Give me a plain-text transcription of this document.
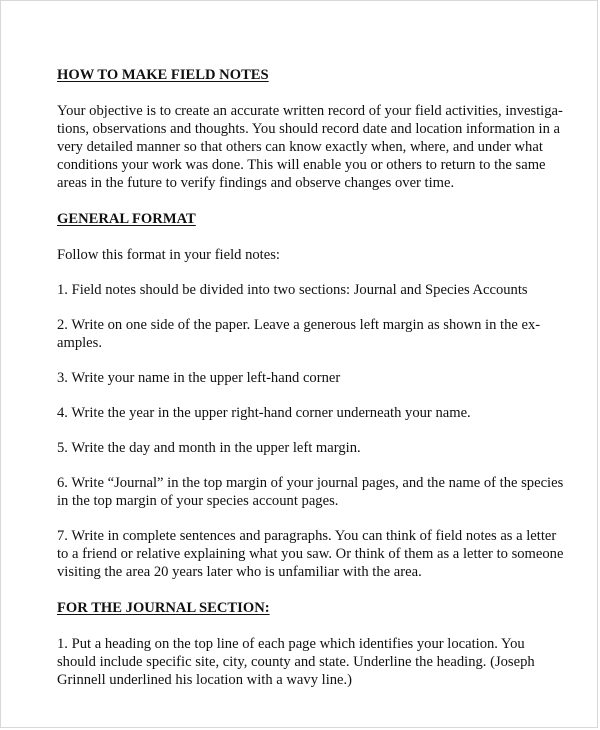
HOW TO MAKE FIELD NOTES

Your objective is to create an accurate written record of your field activities, investiga-
tions, observations and thoughts. You should record date and location information in a
very detailed manner so that others can know exactly when, where, and under what
conditions your work was done. This will enable you or others to return to the same
areas in the future to verify findings and observe changes over time.

GENERAL FORMAT

Follow this format in your field notes:

1. Field notes should be divided into two sections: Journal and Species Accounts

2. Write on one side of the paper. Leave a generous left margin as shown in the ex-
amples.

3. Write your name in the upper left-hand corner

4. Write the year in the upper right-hand corner underneath your name.

5. Write the day and month in the upper left margin.

6. Write “Journal” in the top margin of your journal pages, and the name of the species
in the top margin of your species account pages.

7. Write in complete sentences and paragraphs. You can think of field notes as a letter
to a friend or relative explaining what you saw. Or think of them as a letter to someone
visiting the area 20 years later who is unfamiliar with the area.

FOR THE JOURNAL SECTION:

1. Put a heading on the top line of each page which identifies your location. You
should include specific site, city, county and state. Underline the heading. (Joseph
Grinnell underlined his location with a wavy line.)
